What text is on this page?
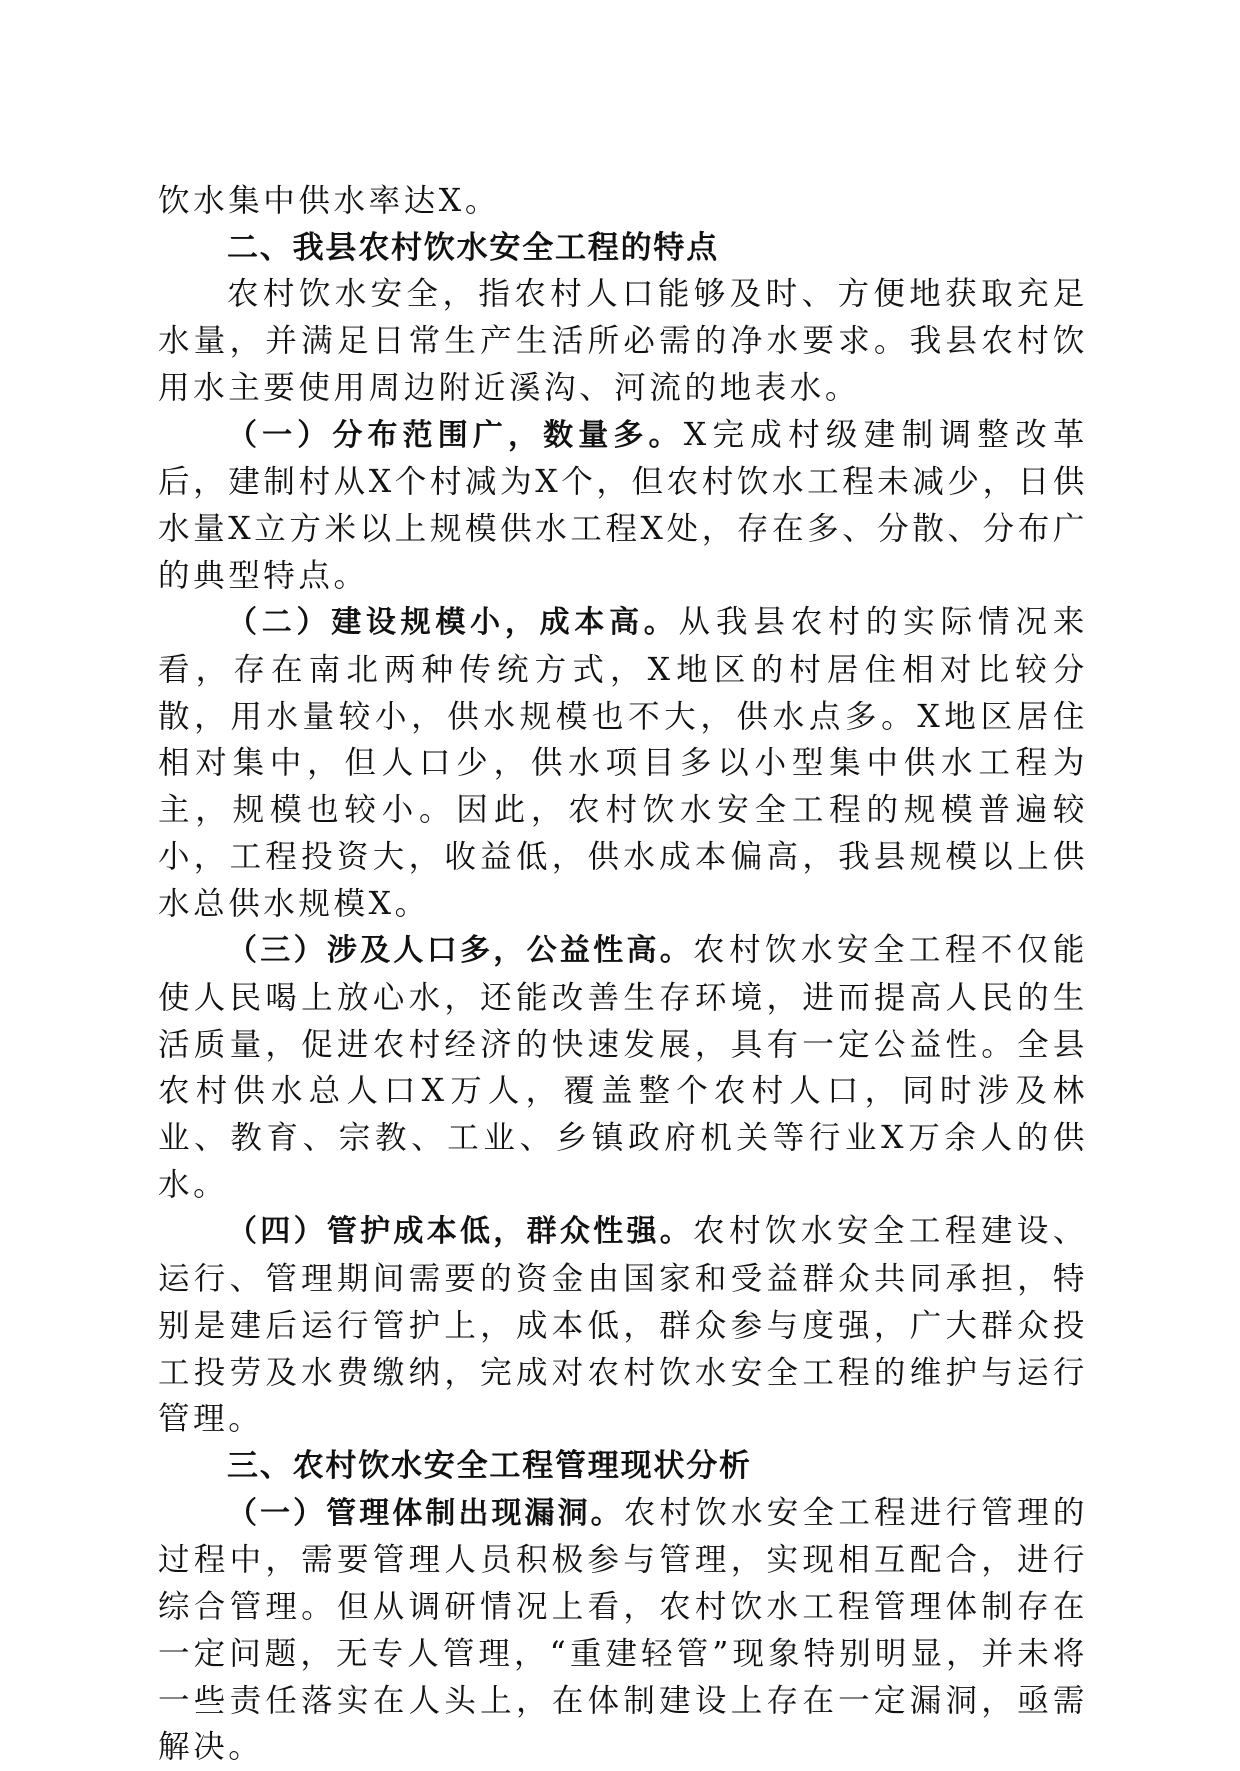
饮水集中供水率达X。

二、我县农村饮水安全工程的特点

农村饮水安全，指农村人口能够及时、方便地获取充足水量，并满足日常生产生活所必需的净水要求。我县农村饮用水主要使用周边附近溪沟、河流的地表水。

（一）分布范围广，数量多。X完成村级建制调整改革后，建制村从X个村减为X个，但农村饮水工程未减少，日供水量X立方米以上规模供水工程X处，存在多、分散、分布广的典型特点。

（二）建设规模小，成本高。从我县农村的实际情况来看，存在南北两种传统方式，X地区的村居住相对比较分散，用水量较小，供水规模也不大，供水点多。X地区居住相对集中，但人口少，供水项目多以小型集中供水工程为主，规模也较小。因此，农村饮水安全工程的规模普遍较小，工程投资大，收益低，供水成本偏高，我县规模以上供水总供水规模X。

（三）涉及人口多，公益性高。农村饮水安全工程不仅能使人民喝上放心水，还能改善生存环境，进而提高人民的生活质量，促进农村经济的快速发展，具有一定公益性。全县农村供水总人口X万人，覆盖整个农村人口，同时涉及林业、教育、宗教、工业、乡镇政府机关等行业X万余人的供水。

（四）管护成本低，群众性强。农村饮水安全工程建设、运行、管理期间需要的资金由国家和受益群众共同承担，特别是建后运行管护上，成本低，群众参与度强，广大群众投工投劳及水费缴纳，完成对农村饮水安全工程的维护与运行管理。

三、农村饮水安全工程管理现状分析

（一）管理体制出现漏洞。农村饮水安全工程进行管理的过程中，需要管理人员积极参与管理，实现相互配合，进行综合管理。但从调研情况上看，农村饮水工程管理体制存在一定问题，无专人管理，“重建轻管”现象特别明显，并未将一些责任落实在人头上，在体制建设上存在一定漏洞，亟需解决。
